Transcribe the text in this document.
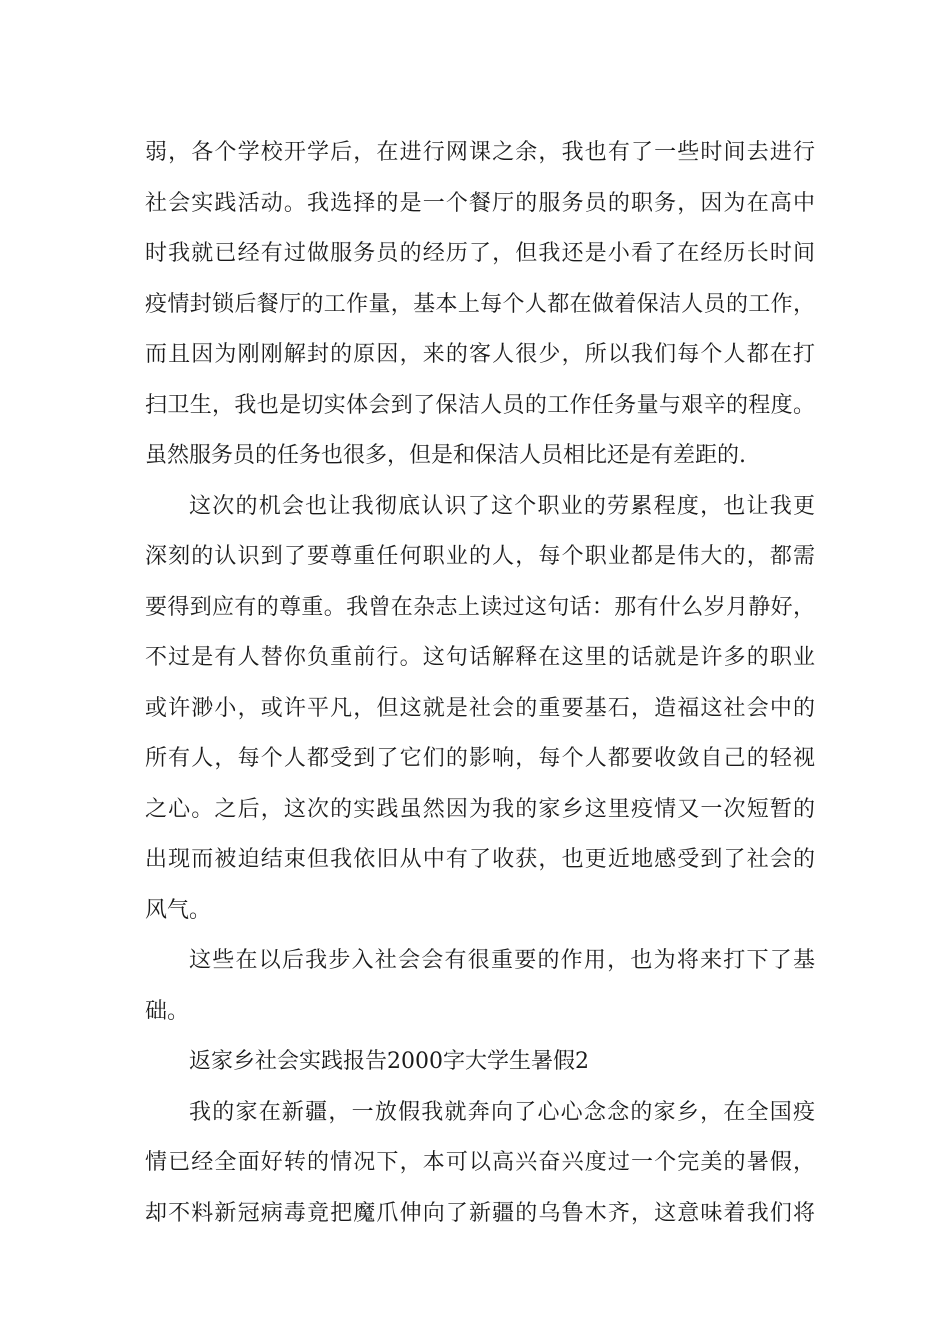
弱，各个学校开学后，在进行网课之余，我也有了一些时间去进行
社会实践活动。我选择的是一个餐厅的服务员的职务，因为在高中
时我就已经有过做服务员的经历了，但我还是小看了在经历长时间
疫情封锁后餐厅的工作量，基本上每个人都在做着保洁人员的工作，
而且因为刚刚解封的原因，来的客人很少，所以我们每个人都在打
扫卫生，我也是切实体会到了保洁人员的工作任务量与艰辛的程度。
虽然服务员的任务也很多，但是和保洁人员相比还是有差距的.
这次的机会也让我彻底认识了这个职业的劳累程度，也让我更
深刻的认识到了要尊重任何职业的人，每个职业都是伟大的，都需
要得到应有的尊重。我曾在杂志上读过这句话：那有什么岁月静好，
不过是有人替你负重前行。这句话解释在这里的话就是许多的职业
或许渺小，或许平凡，但这就是社会的重要基石，造福这社会中的
所有人，每个人都受到了它们的影响，每个人都要收敛自己的轻视
之心。之后，这次的实践虽然因为我的家乡这里疫情又一次短暂的
出现而被迫结束但我依旧从中有了收获，也更近地感受到了社会的
风气。
这些在以后我步入社会会有很重要的作用，也为将来打下了基
础。
返家乡社会实践报告2000字大学生暑假2
我的家在新疆，一放假我就奔向了心心念念的家乡，在全国疫
情已经全面好转的情况下，本可以高兴奋兴度过一个完美的暑假，
却不料新冠病毒竟把魔爪伸向了新疆的乌鲁木齐，这意味着我们将
